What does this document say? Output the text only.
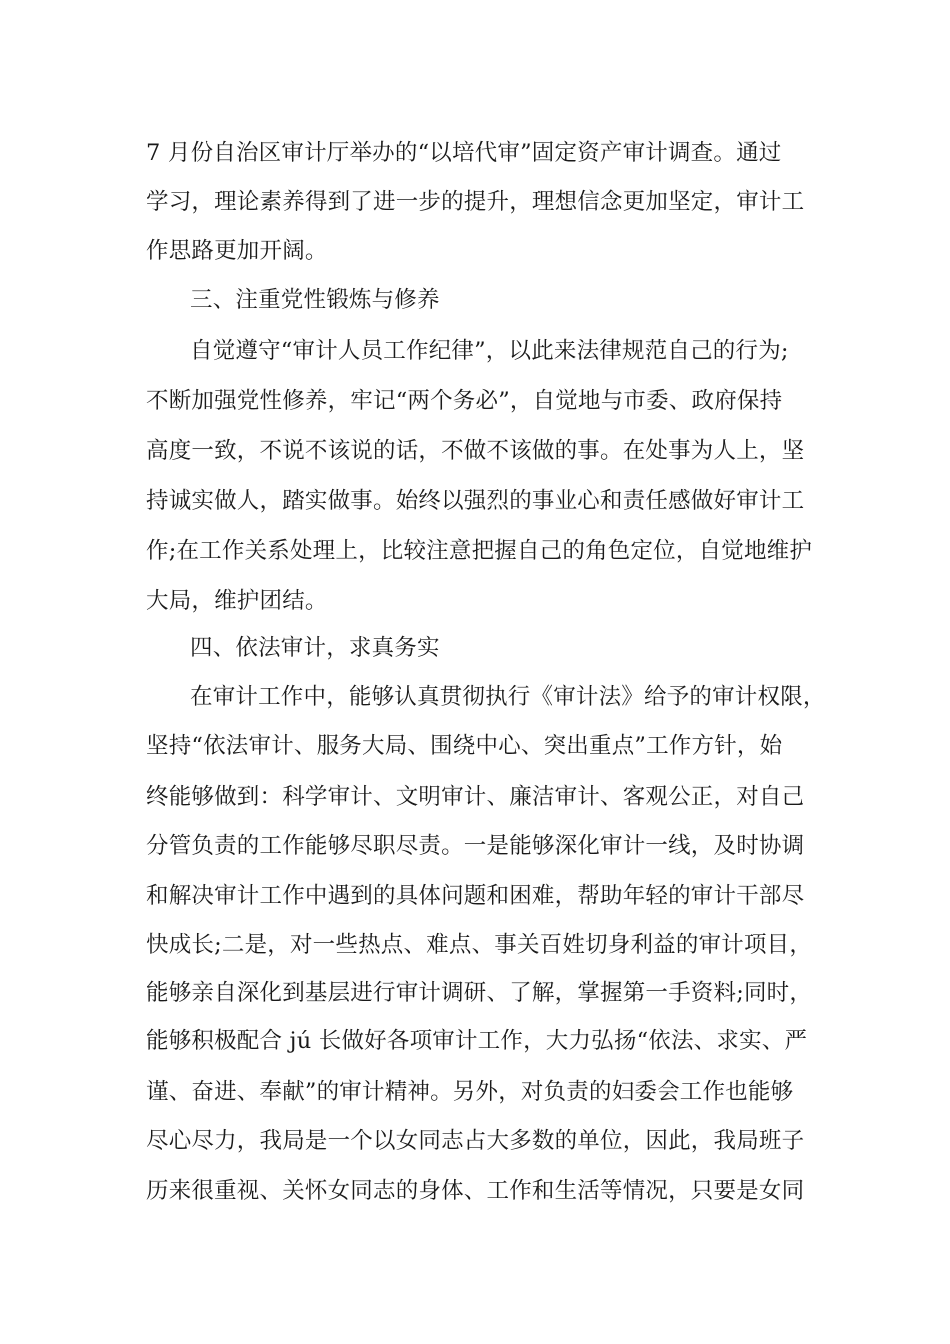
7 月份自治区审计厅举办的“以培代审”固定资产审计调查。通过
学习，理论素养得到了进一步的提升，理想信念更加坚定，审计工
作思路更加开阔。
三、注重党性锻炼与修养
自觉遵守“审计人员工作纪律”，以此来法律规范自己的行为;
不断加强党性修养，牢记“两个务必”，自觉地与市委、政府保持
高度一致，不说不该说的话，不做不该做的事。在处事为人上，坚
持诚实做人，踏实做事。始终以强烈的事业心和责任感做好审计工
作;在工作关系处理上，比较注意把握自己的角色定位，自觉地维护
大局，维护团结。
四、依法审计，求真务实
在审计工作中，能够认真贯彻执行《审计法》给予的审计权限，
坚持“依法审计、服务大局、围绕中心、突出重点”工作方针，始
终能够做到：科学审计、文明审计、廉洁审计、客观公正，对自己
分管负责的工作能够尽职尽责。一是能够深化审计一线，及时协调
和解决审计工作中遇到的具体问题和困难，帮助年轻的审计干部尽
快成长;二是，对一些热点、难点、事关百姓切身利益的审计项目，
能够亲自深化到基层进行审计调研、了解，掌握第一手资料;同时，
能够积极配合 jú 长做好各项审计工作，大力弘扬“依法、求实、严
谨、奋进、奉献”的审计精神。另外，对负责的妇委会工作也能够
尽心尽力，我局是一个以女同志占大多数的单位，因此，我局班子
历来很重视、关怀女同志的身体、工作和生活等情况，只要是女同
